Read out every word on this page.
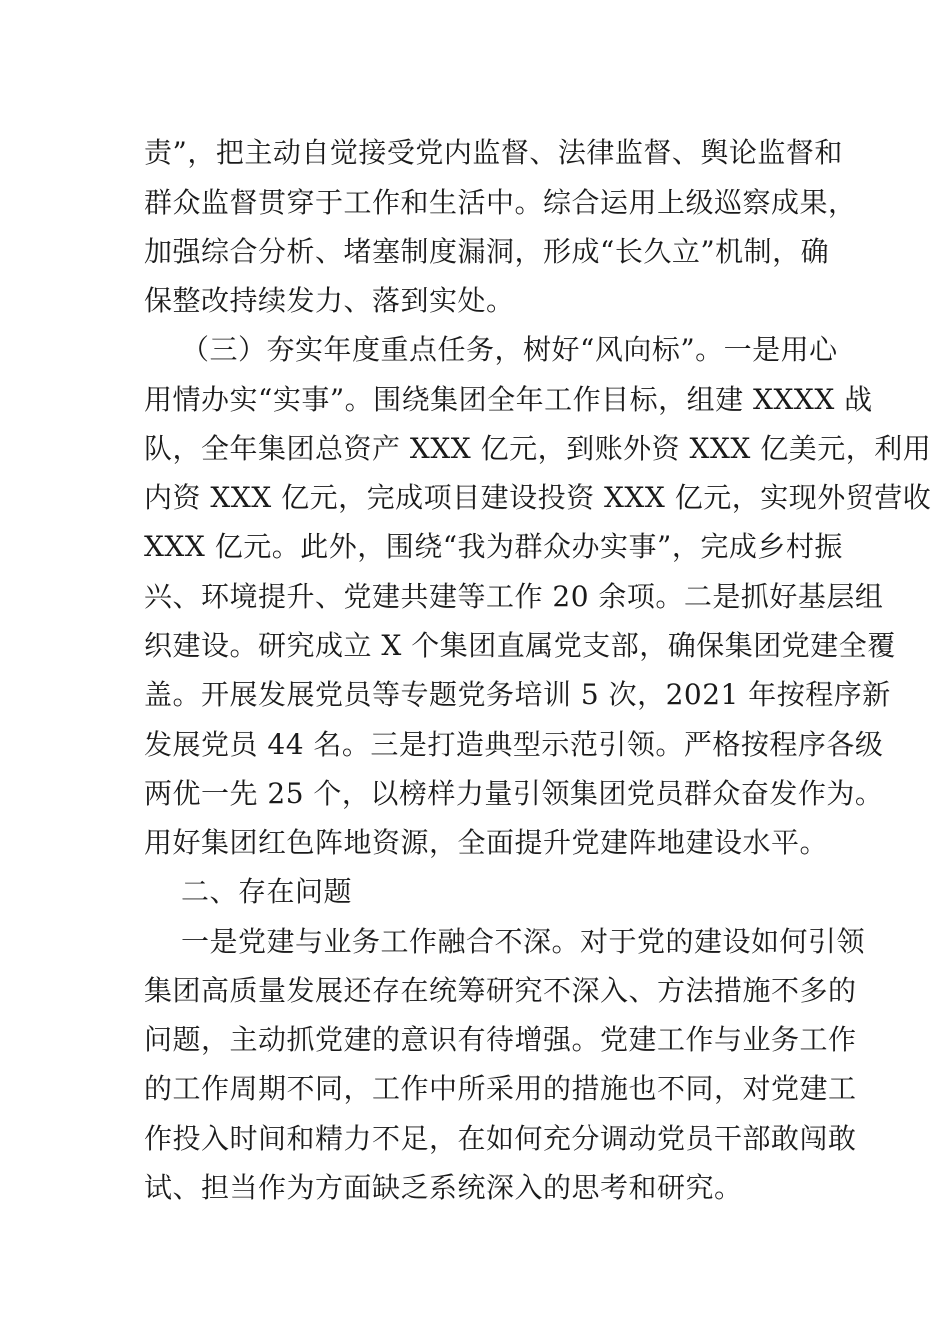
责”，把主动自觉接受党内监督、法律监督、舆论监督和
群众监督贯穿于工作和生活中。综合运用上级巡察成果，
加强综合分析、堵塞制度漏洞，形成“长久立”机制，确
保整改持续发力、落到实处。
（三）夯实年度重点任务，树好“风向标”。一是用心
用情办实“实事”。围绕集团全年工作目标，组建 XXXX 战
队，全年集团总资产 XXX 亿元，到账外资 XXX 亿美元，利用
内资 XXX 亿元，完成项目建设投资 XXX 亿元，实现外贸营收
XXX 亿元。此外，围绕“我为群众办实事”，完成乡村振
兴、环境提升、党建共建等工作 20 余项。二是抓好基层组
织建设。研究成立 X 个集团直属党支部，确保集团党建全覆
盖。开展发展党员等专题党务培训 5 次，2021 年按程序新
发展党员 44 名。三是打造典型示范引领。严格按程序各级
两优一先 25 个，以榜样力量引领集团党员群众奋发作为。
用好集团红色阵地资源，全面提升党建阵地建设水平。
二、存在问题
一是党建与业务工作融合不深。对于党的建设如何引领
集团高质量发展还存在统筹研究不深入、方法措施不多的
问题，主动抓党建的意识有待增强。党建工作与业务工作
的工作周期不同，工作中所采用的措施也不同，对党建工
作投入时间和精力不足，在如何充分调动党员干部敢闯敢
试、担当作为方面缺乏系统深入的思考和研究。
